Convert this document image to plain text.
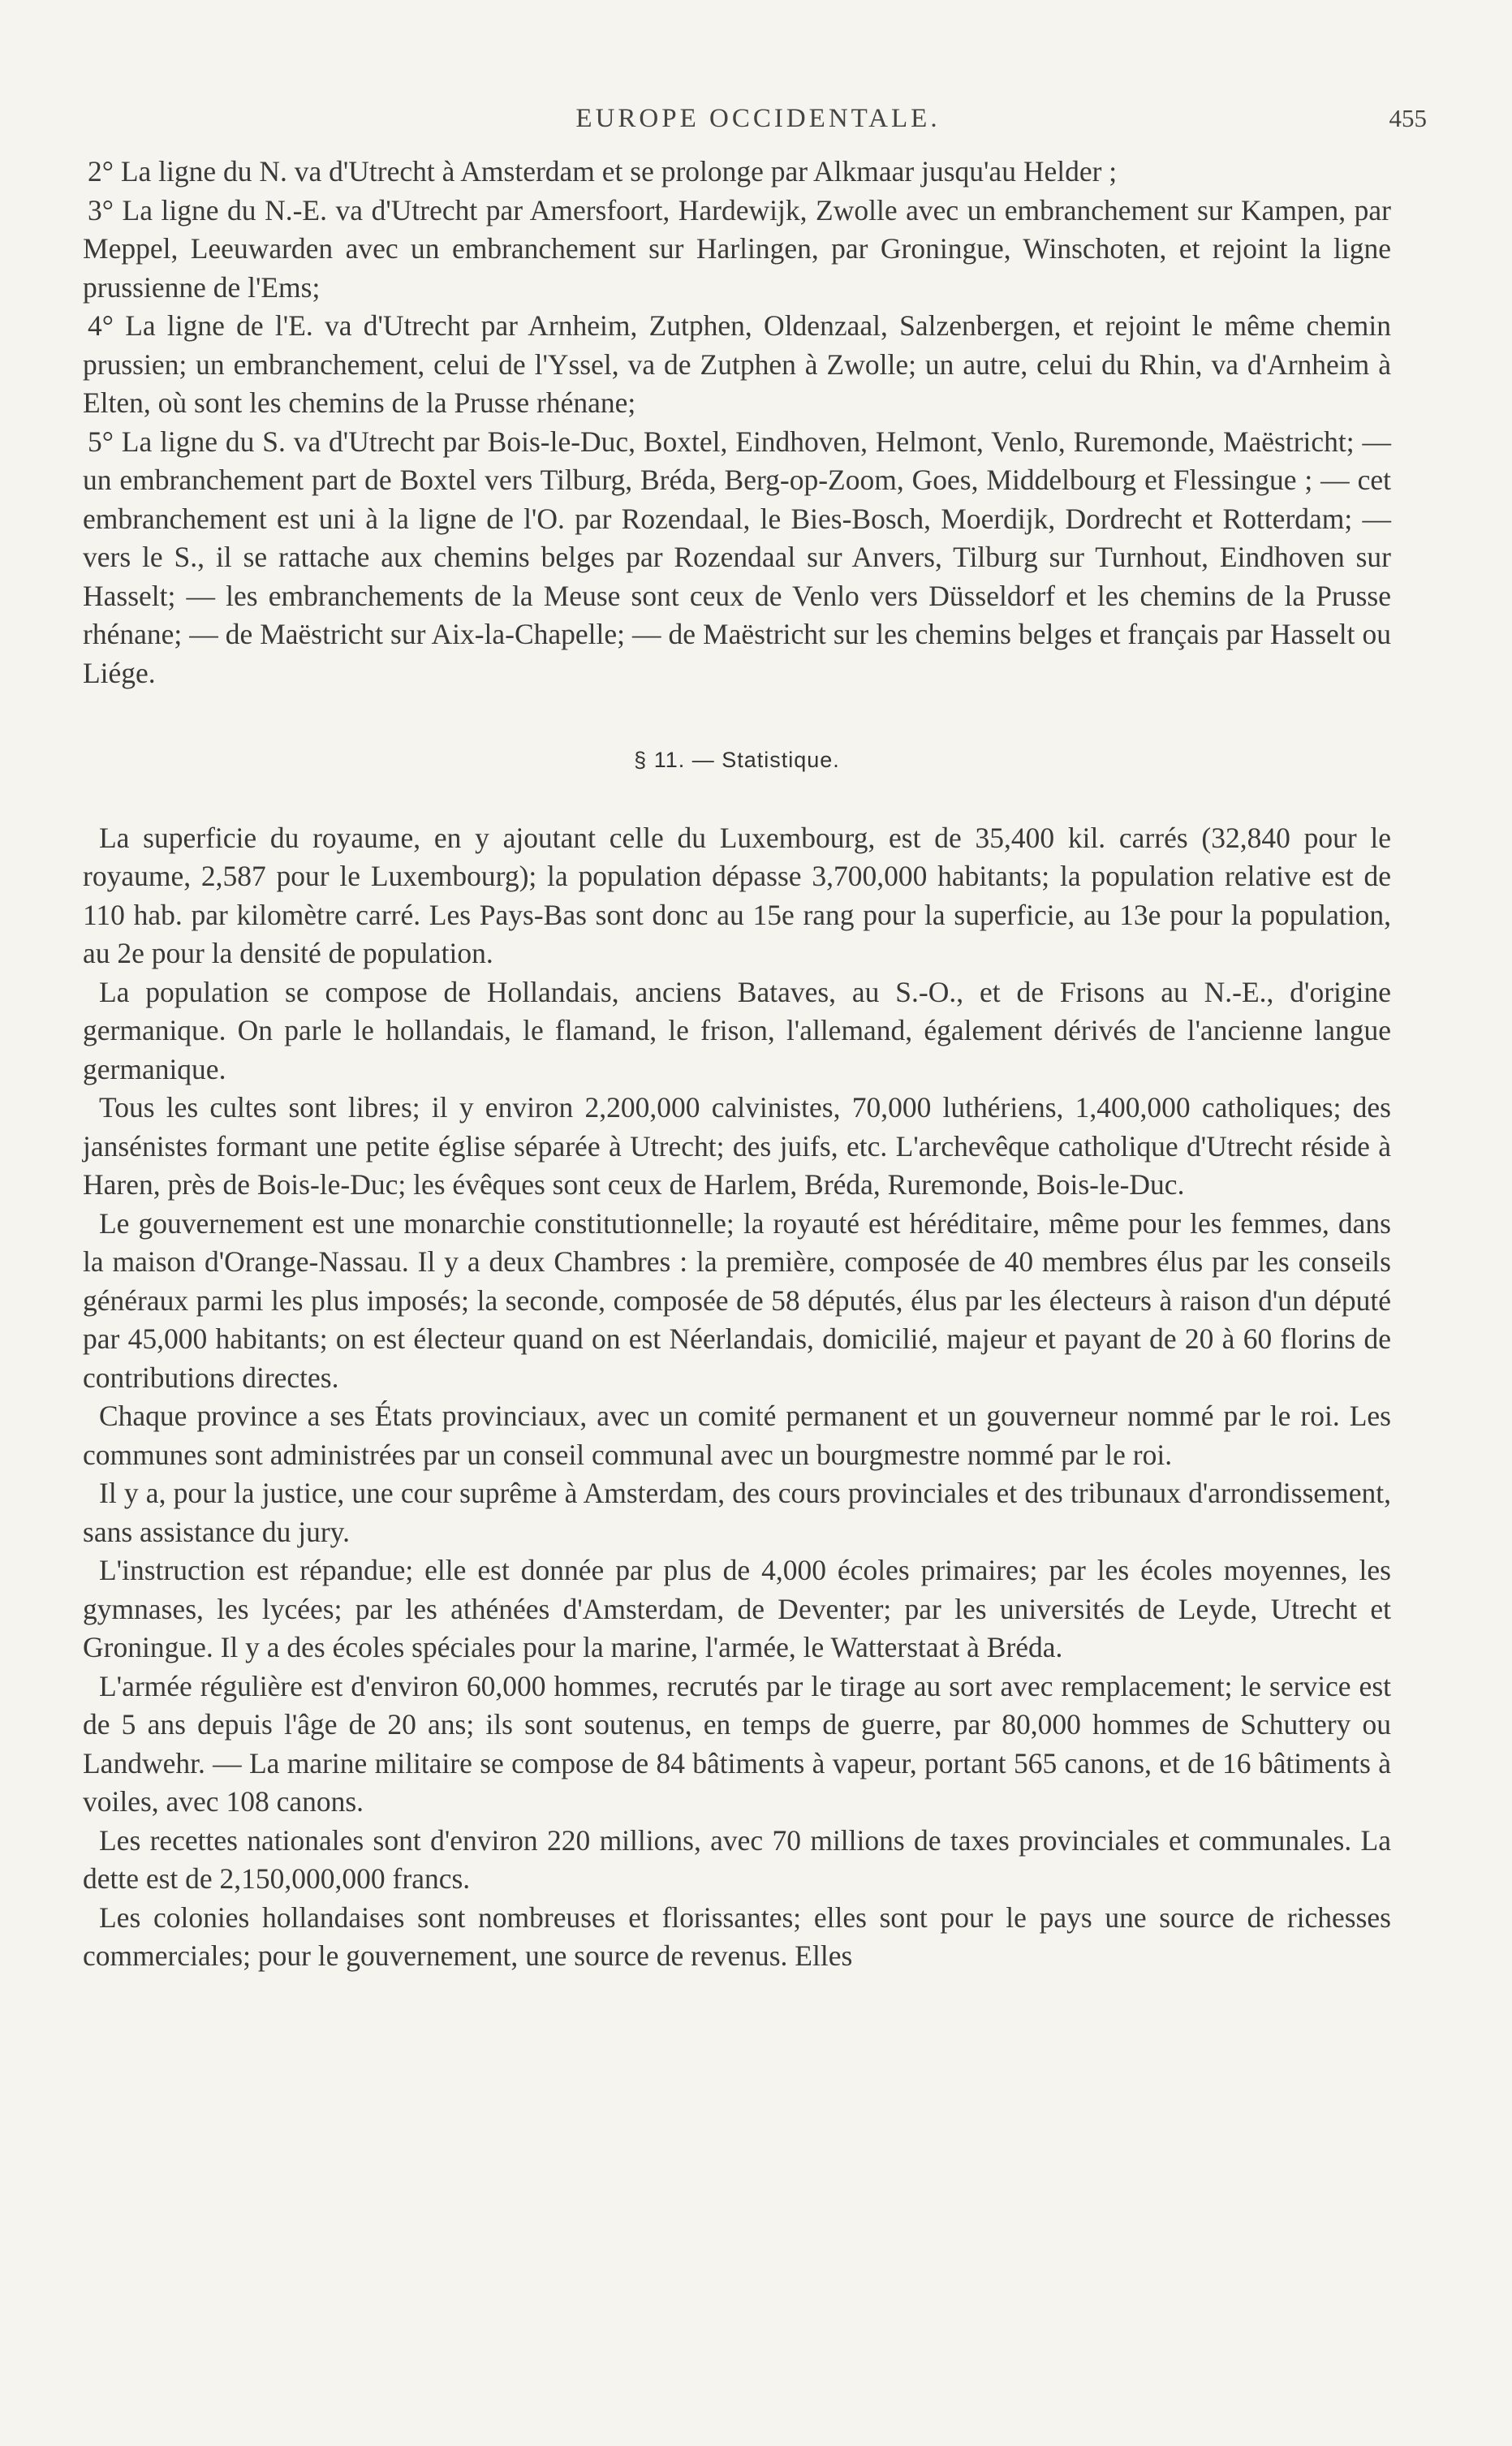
EUROPE OCCIDENTALE.	455

2° La ligne du N. va d'Utrecht à Amsterdam et se prolonge par Alkmaar jusqu'au Helder ;

3° La ligne du N.-E. va d'Utrecht par Amersfoort, Hardewijk, Zwolle avec un embranchement sur Kampen, par Meppel, Leeuwarden avec un embranchement sur Harlingen, par Groningue, Winschoten, et rejoint la ligne prussienne de l'Ems;

4° La ligne de l'E. va d'Utrecht par Arnheim, Zutphen, Oldenzaal, Salzenbergen, et rejoint le même chemin prussien; un embranchement, celui de l'Yssel, va de Zutphen à Zwolle; un autre, celui du Rhin, va d'Arnheim à Elten, où sont les chemins de la Prusse rhénane;

5° La ligne du S. va d'Utrecht par Bois-le-Duc, Boxtel, Eindhoven, Helmont, Venlo, Ruremonde, Maëstricht; — un embranchement part de Boxtel vers Tilburg, Bréda, Berg-op-Zoom, Goes, Middelbourg et Flessingue ; — cet embranchement est uni à la ligne de l'O. par Rozendaal, le Bies-Bosch, Moerdijk, Dordrecht et Rotterdam; — vers le S., il se rattache aux chemins belges par Rozendaal sur Anvers, Tilburg sur Turnhout, Eindhoven sur Hasselt; — les embranchements de la Meuse sont ceux de Venlo vers Düsseldorf et les chemins de la Prusse rhénane; — de Maëstricht sur Aix-la-Chapelle; — de Maëstricht sur les chemins belges et français par Hasselt ou Liége.

§ 11. — Statistique.

La superficie du royaume, en y ajoutant celle du Luxembourg, est de 35,400 kil. carrés (32,840 pour le royaume, 2,587 pour le Luxembourg); la population dépasse 3,700,000 habitants; la population relative est de 110 hab. par kilomètre carré. Les Pays-Bas sont donc au 15e rang pour la superficie, au 13e pour la population, au 2e pour la densité de population.

La population se compose de Hollandais, anciens Bataves, au S.-O., et de Frisons au N.-E., d'origine germanique. On parle le hollandais, le flamand, le frison, l'allemand, également dérivés de l'ancienne langue germanique.

Tous les cultes sont libres; il y environ 2,200,000 calvinistes, 70,000 luthériens, 1,400,000 catholiques; des jansénistes formant une petite église séparée à Utrecht; des juifs, etc. L'archevêque catholique d'Utrecht réside à Haren, près de Bois-le-Duc; les évêques sont ceux de Harlem, Bréda, Ruremonde, Bois-le-Duc.

Le gouvernement est une monarchie constitutionnelle; la royauté est héréditaire, même pour les femmes, dans la maison d'Orange-Nassau. Il y a deux Chambres : la première, composée de 40 membres élus par les conseils généraux parmi les plus imposés; la seconde, composée de 58 députés, élus par les électeurs à raison d'un député par 45,000 habitants; on est électeur quand on est Néerlandais, domicilié, majeur et payant de 20 à 60 florins de contributions directes.

Chaque province a ses États provinciaux, avec un comité permanent et un gouverneur nommé par le roi. Les communes sont administrées par un conseil communal avec un bourgmestre nommé par le roi.

Il y a, pour la justice, une cour suprême à Amsterdam, des cours provinciales et des tribunaux d'arrondissement, sans assistance du jury.

L'instruction est répandue; elle est donnée par plus de 4,000 écoles primaires; par les écoles moyennes, les gymnases, les lycées; par les athénées d'Amsterdam, de Deventer; par les universités de Leyde, Utrecht et Groningue. Il y a des écoles spéciales pour la marine, l'armée, le Watterstaat à Bréda.

L'armée régulière est d'environ 60,000 hommes, recrutés par le tirage au sort avec remplacement; le service est de 5 ans depuis l'âge de 20 ans; ils sont soutenus, en temps de guerre, par 80,000 hommes de Schuttery ou Landwehr. — La marine militaire se compose de 84 bâtiments à vapeur, portant 565 canons, et de 16 bâtiments à voiles, avec 108 canons.

Les recettes nationales sont d'environ 220 millions, avec 70 millions de taxes provinciales et communales. La dette est de 2,150,000,000 francs.

Les colonies hollandaises sont nombreuses et florissantes; elles sont pour le pays une source de richesses commerciales; pour le gouvernement, une source de revenus. Elles
